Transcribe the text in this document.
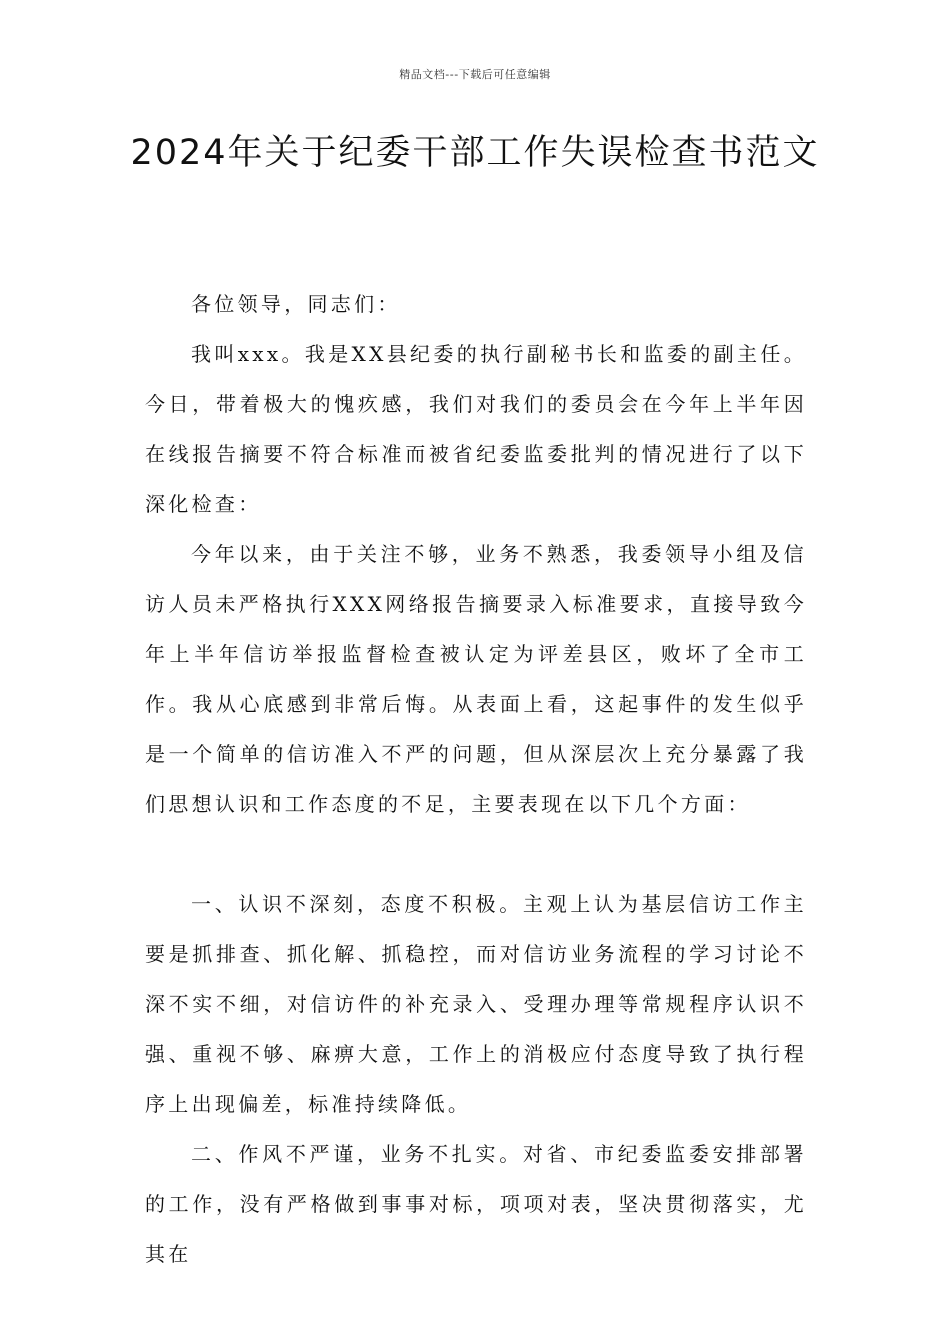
精品文档---下载后可任意编辑
2024年关于纪委干部工作失误检查书范文

各位领导，同志们：

我叫xxx。我是XX县纪委的执行副秘书长和监委的副主任。今日，带着极大的愧疚感，我们对我们的委员会在今年上半年因在线报告摘要不符合标准而被省纪委监委批判的情况进行了以下深化检查：

今年以来，由于关注不够，业务不熟悉，我委领导小组及信访人员未严格执行XXX网络报告摘要录入标准要求，直接导致今年上半年信访举报监督检查被认定为评差县区，败坏了全市工作。我从心底感到非常后悔。从表面上看，这起事件的发生似乎是一个简单的信访准入不严的问题，但从深层次上充分暴露了我们思想认识和工作态度的不足，主要表现在以下几个方面：

一、认识不深刻，态度不积极。主观上认为基层信访工作主要是抓排查、抓化解、抓稳控，而对信访业务流程的学习讨论不深不实不细，对信访件的补充录入、受理办理等常规程序认识不强、重视不够、麻痹大意，工作上的消极应付态度导致了执行程序上出现偏差，标准持续降低。

二、作风不严谨，业务不扎实。对省、市纪委监委安排部署的工作，没有严格做到事事对标，项项对表，坚决贯彻落实，尤其在
